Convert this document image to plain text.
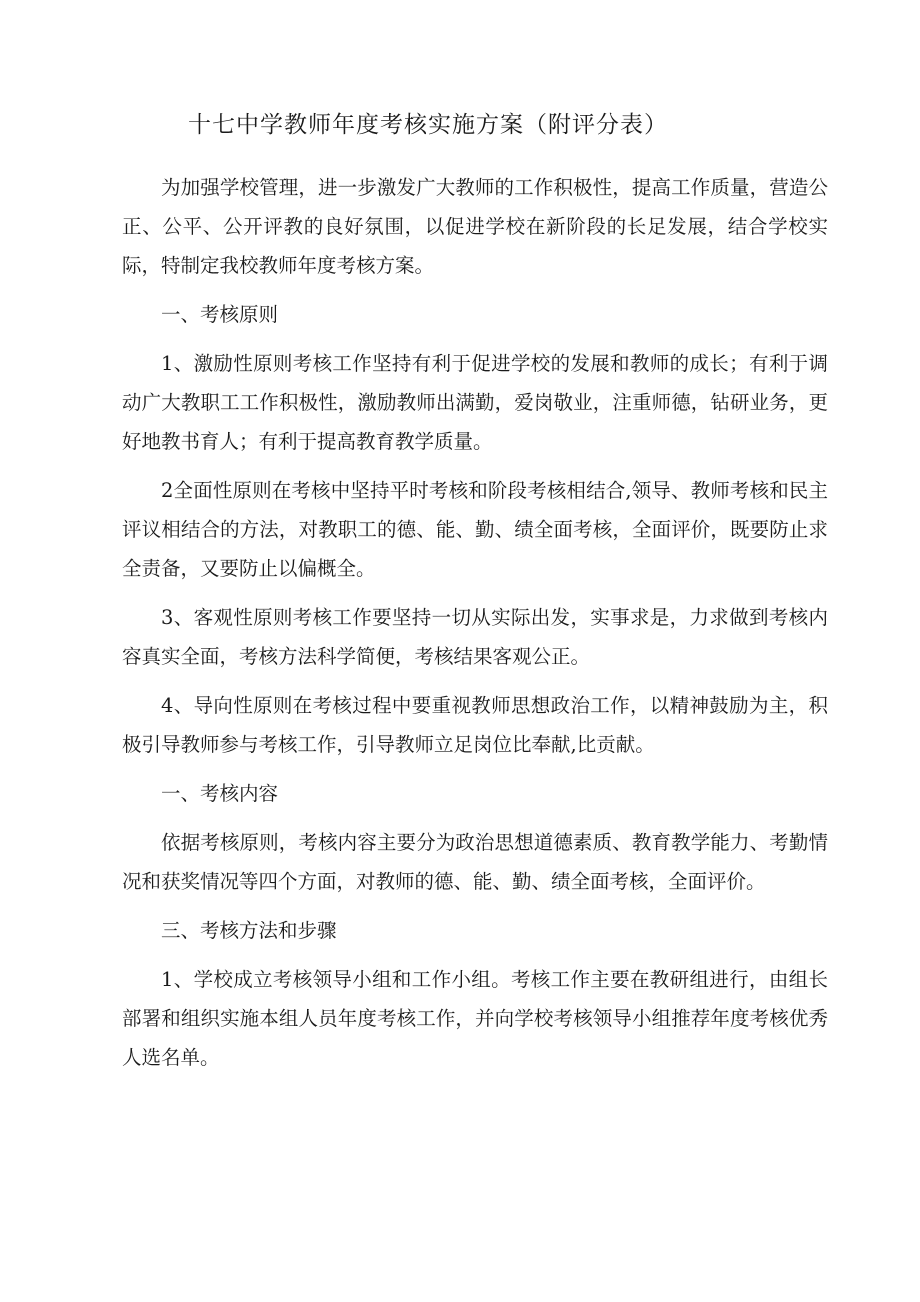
十七中学教师年度考核实施方案（附评分表）

为加强学校管理，进一步激发广大教师的工作积极性，提高工作质量，营造公正、公平、公开评教的良好氛围，以促进学校在新阶段的长足发展，结合学校实际，特制定我校教师年度考核方案。

一、考核原则

1、激励性原则考核工作坚持有利于促进学校的发展和教师的成长；有利于调动广大教职工工作积极性，激励教师出满勤，爱岗敬业，注重师德，钻研业务，更好地教书育人；有利于提高教育教学质量。

2全面性原则在考核中坚持平时考核和阶段考核相结合,领导、教师考核和民主评议相结合的方法，对教职工的德、能、勤、绩全面考核，全面评价，既要防止求全责备，又要防止以偏概全。

3、客观性原则考核工作要坚持一切从实际出发，实事求是，力求做到考核内容真实全面，考核方法科学简便，考核结果客观公正。

4、导向性原则在考核过程中要重视教师思想政治工作，以精神鼓励为主，积极引导教师参与考核工作，引导教师立足岗位比奉献,比贡献。

一、考核内容

依据考核原则，考核内容主要分为政治思想道德素质、教育教学能力、考勤情况和获奖情况等四个方面，对教师的德、能、勤、绩全面考核，全面评价。

三、考核方法和步骤

1、学校成立考核领导小组和工作小组。考核工作主要在教研组进行，由组长部署和组织实施本组人员年度考核工作，并向学校考核领导小组推荐年度考核优秀人选名单。
